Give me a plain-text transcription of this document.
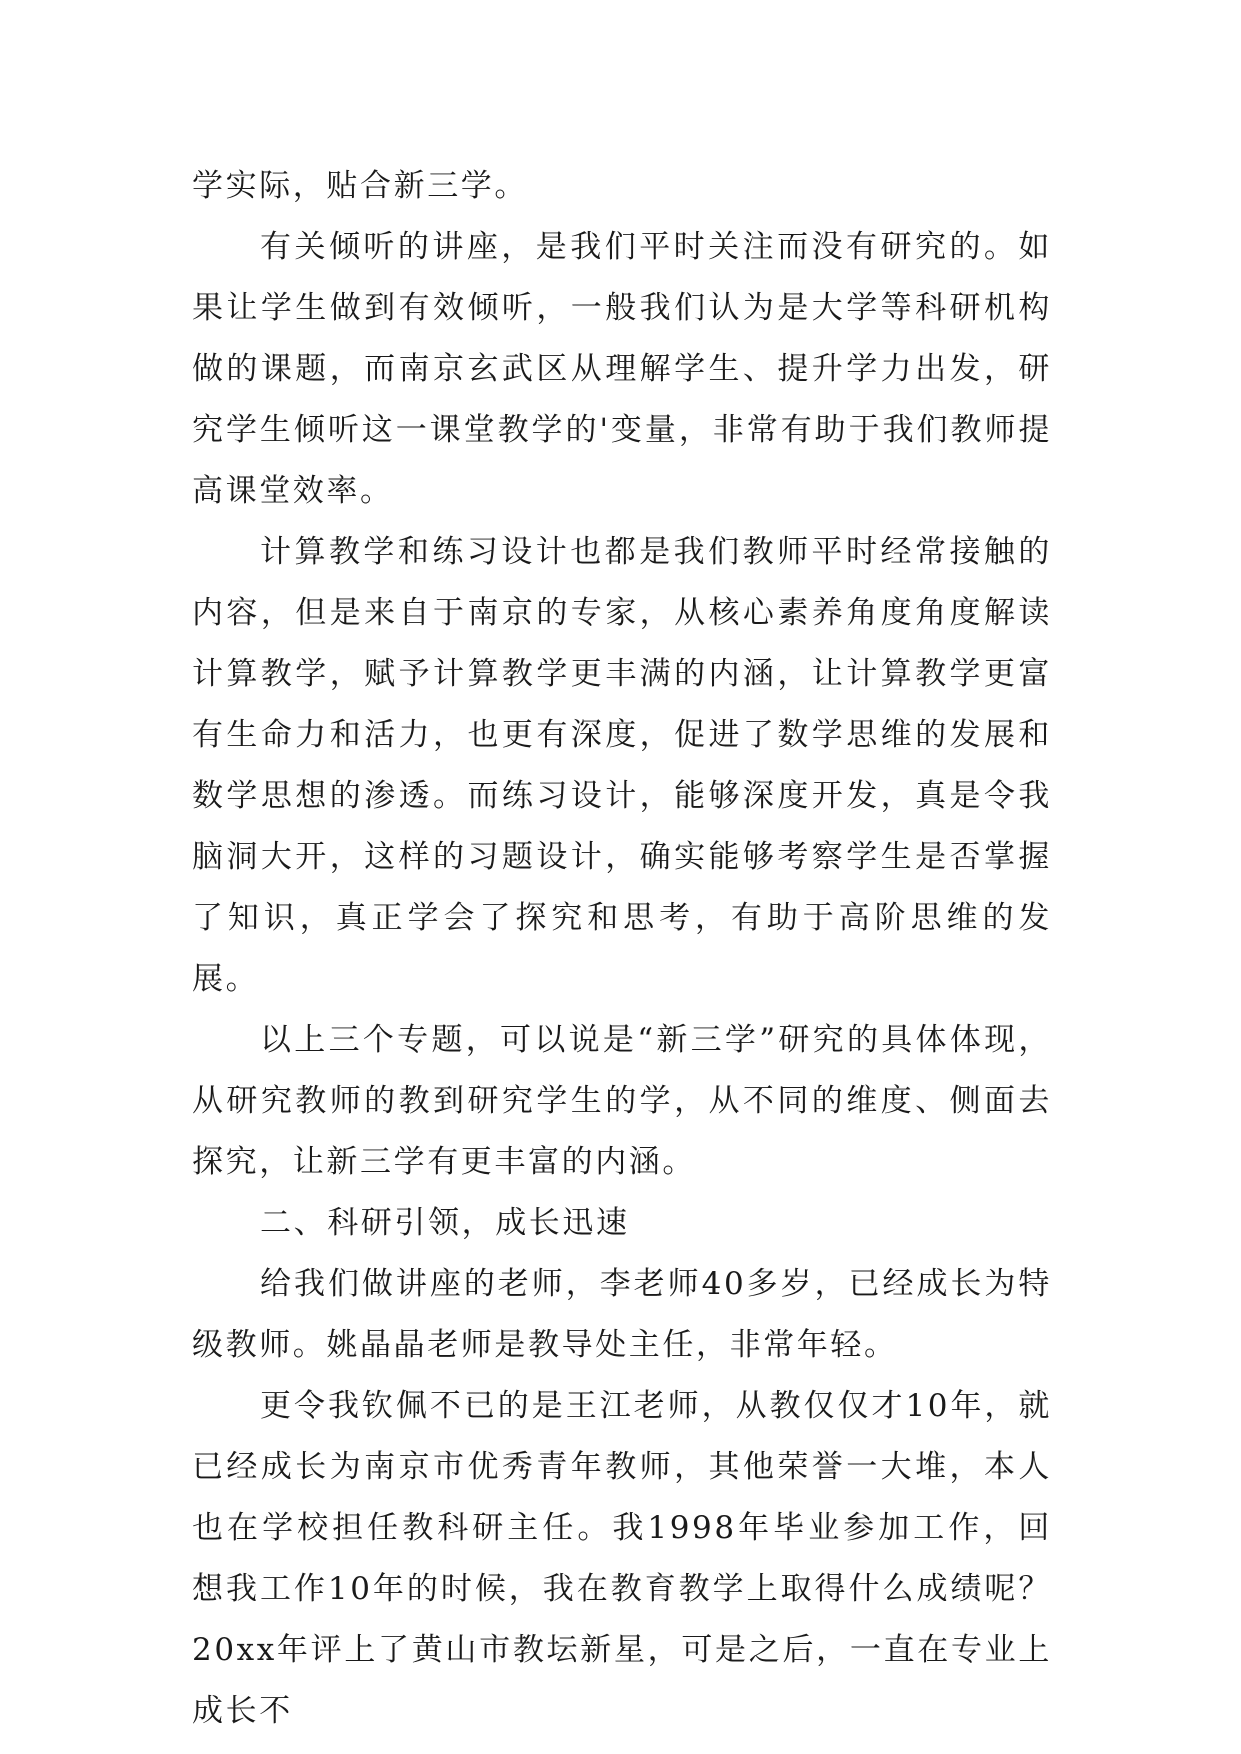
学实际，贴合新三学。

有关倾听的讲座，是我们平时关注而没有研究的。如果让学生做到有效倾听，一般我们认为是大学等科研机构做的课题，而南京玄武区从理解学生、提升学力出发，研究学生倾听这一课堂教学的'变量，非常有助于我们教师提高课堂效率。

计算教学和练习设计也都是我们教师平时经常接触的内容，但是来自于南京的专家，从核心素养角度角度解读计算教学，赋予计算教学更丰满的内涵，让计算教学更富有生命力和活力，也更有深度，促进了数学思维的发展和数学思想的渗透。而练习设计，能够深度开发，真是令我脑洞大开，这样的习题设计，确实能够考察学生是否掌握了知识，真正学会了探究和思考，有助于高阶思维的发展。

以上三个专题，可以说是“新三学”研究的具体体现，从研究教师的教到研究学生的学，从不同的维度、侧面去探究，让新三学有更丰富的内涵。

二、科研引领，成长迅速

给我们做讲座的老师，李老师40多岁，已经成长为特级教师。姚晶晶老师是教导处主任，非常年轻。

更令我钦佩不已的是王江老师，从教仅仅才10年，就已经成长为南京市优秀青年教师，其他荣誉一大堆，本人也在学校担任教科研主任。我1998年毕业参加工作，回想我工作10年的时候，我在教育教学上取得什么成绩呢？20xx年评上了黄山市教坛新星，可是之后，一直在专业上成长不
